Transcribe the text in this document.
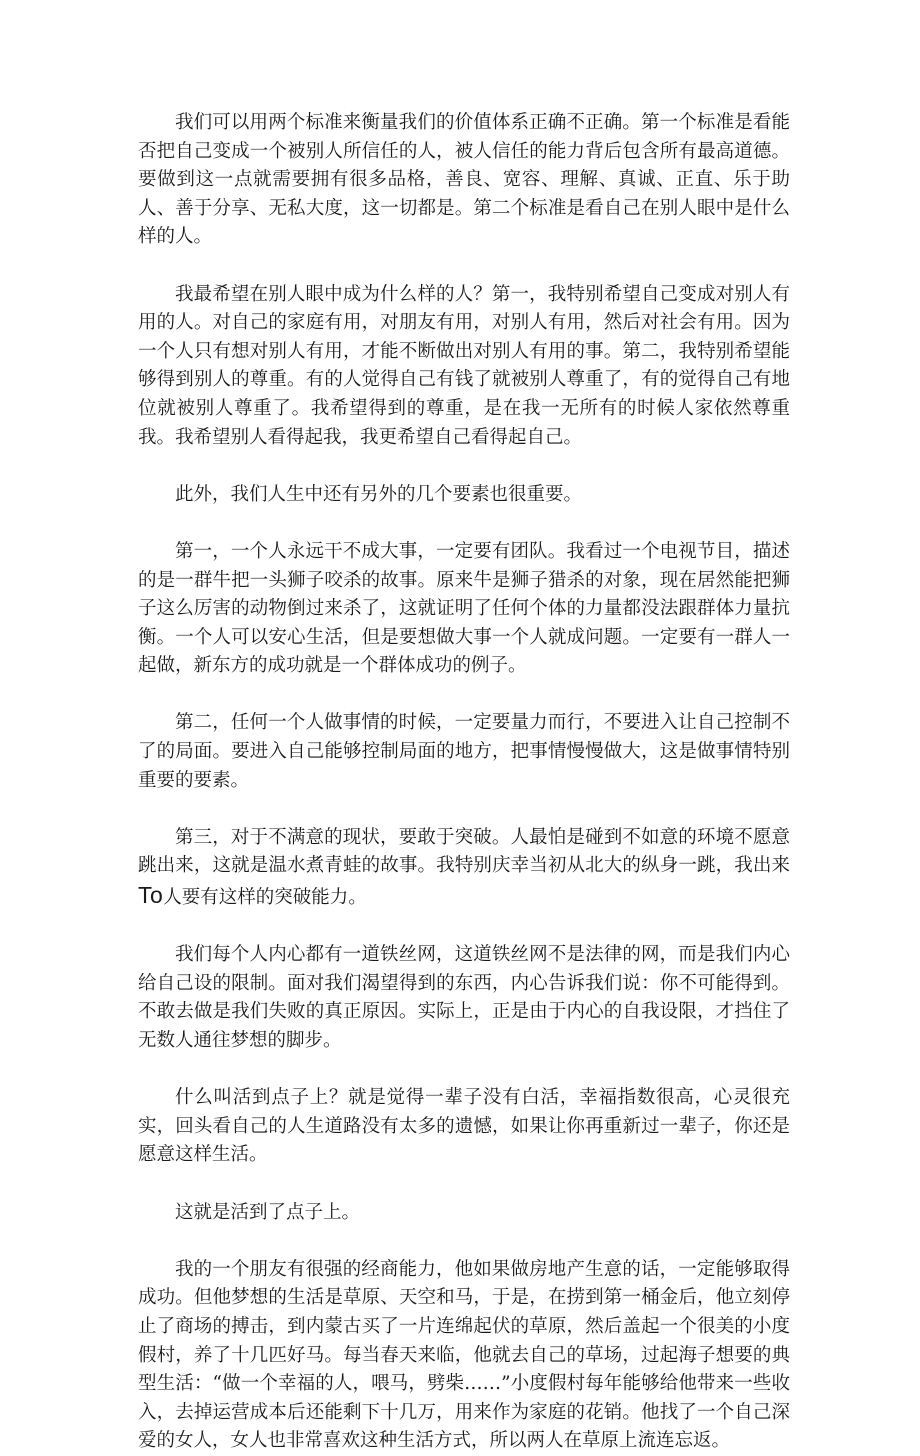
我们可以用两个标准来衡量我们的价值体系正确不正确。第一个标准是看能否把自己变成一个被别人所信任的人，被人信任的能力背后包含所有最高道德。要做到这一点就需要拥有很多品格，善良、宽容、理解、真诚、正直、乐于助人、善于分享、无私大度，这一切都是。第二个标准是看自己在别人眼中是什么样的人。

我最希望在别人眼中成为什么样的人？第一，我特别希望自己变成对别人有用的人。对自己的家庭有用，对朋友有用，对别人有用，然后对社会有用。因为一个人只有想对别人有用，才能不断做出对别人有用的事。第二，我特别希望能够得到别人的尊重。有的人觉得自己有钱了就被别人尊重了，有的觉得自己有地位就被别人尊重了。我希望得到的尊重，是在我一无所有的时候人家依然尊重我。我希望别人看得起我，我更希望自己看得起自己。

此外，我们人生中还有另外的几个要素也很重要。

第一，一个人永远干不成大事，一定要有团队。我看过一个电视节目，描述的是一群牛把一头狮子咬杀的故事。原来牛是狮子猎杀的对象，现在居然能把狮子这么厉害的动物倒过来杀了，这就证明了任何个体的力量都没法跟群体力量抗衡。一个人可以安心生活，但是要想做大事一个人就成问题。一定要有一群人一起做，新东方的成功就是一个群体成功的例子。

第二，任何一个人做事情的时候，一定要量力而行，不要进入让自己控制不了的局面。要进入自己能够控制局面的地方，把事情慢慢做大，这是做事情特别重要的要素。

第三，对于不满意的现状，要敢于突破。人最怕是碰到不如意的环境不愿意跳出来，这就是温水煮青蛙的故事。我特别庆幸当初从北大的纵身一跳，我出来To人要有这样的突破能力。

我们每个人内心都有一道铁丝网，这道铁丝网不是法律的网，而是我们内心给自己设的限制。面对我们渴望得到的东西，内心告诉我们说：你不可能得到。不敢去做是我们失败的真正原因。实际上，正是由于内心的自我设限，才挡住了无数人通往梦想的脚步。

什么叫活到点子上？就是觉得一辈子没有白活，幸福指数很高，心灵很充实，回头看自己的人生道路没有太多的遗憾，如果让你再重新过一辈子，你还是愿意这样生活。

这就是活到了点子上。

我的一个朋友有很强的经商能力，他如果做房地产生意的话，一定能够取得成功。但他梦想的生活是草原、天空和马，于是，在捞到第一桶金后，他立刻停止了商场的搏击，到内蒙古买了一片连绵起伏的草原，然后盖起一个很美的小度假村，养了十几匹好马。每当春天来临，他就去自己的草场，过起海子想要的典型生活：“做一个幸福的人，喂马，劈柴……”小度假村每年能够给他带来一些收入，去掉运营成本后还能剩下十几万，用来作为家庭的花销。他找了一个自己深爱的女人，女人也非常喜欢这种生活方式，所以两人在草原上流连忘返。
